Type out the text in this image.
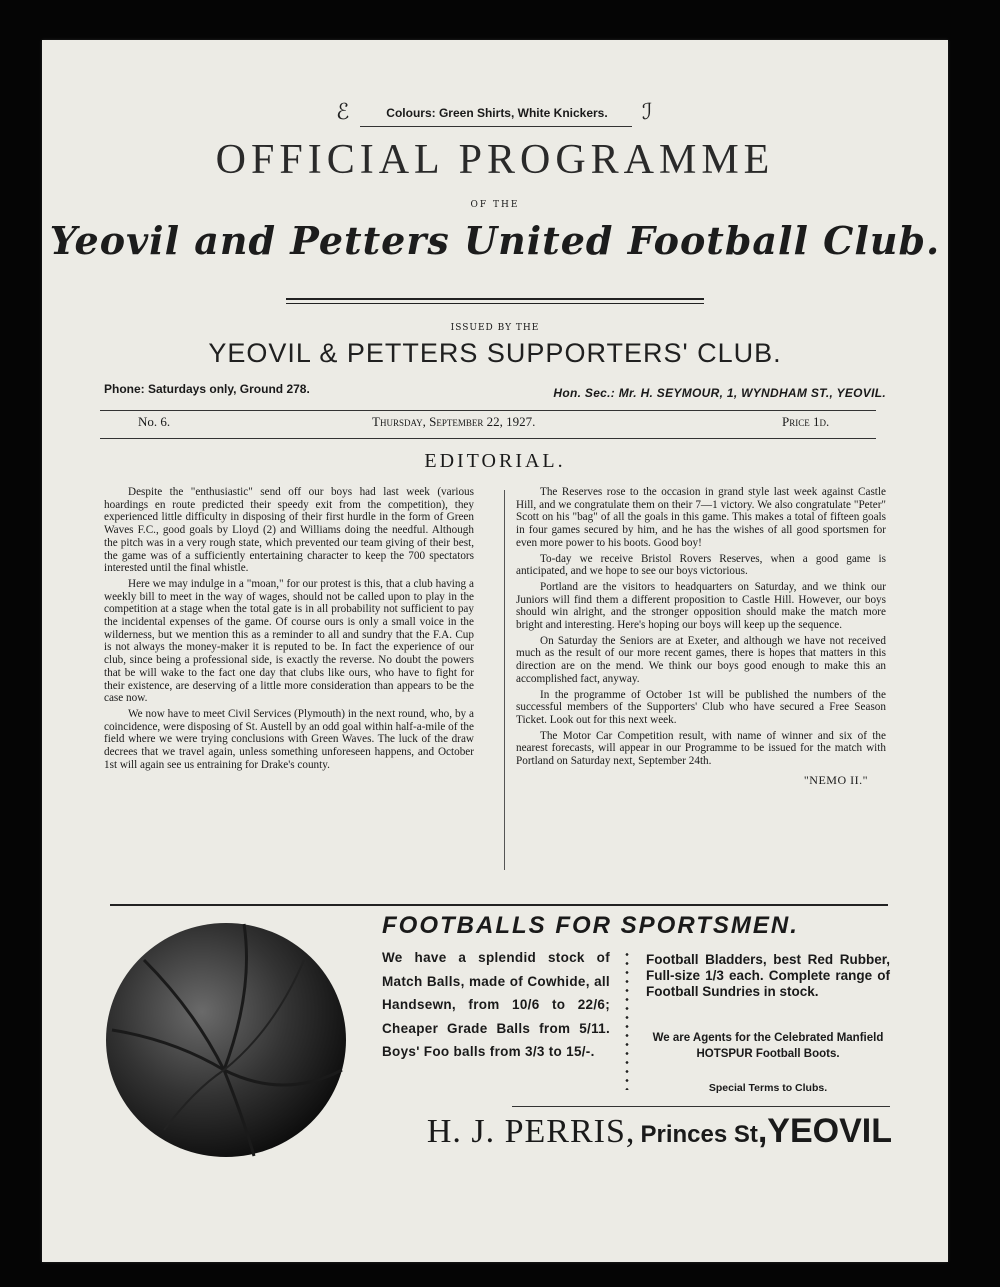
ℰ	Colours: Green Shirts, White Knickers.	ℐ
OFFICIAL PROGRAMME
OF THE
Yeovil and Petters United Football Club.
ISSUED BY THE
YEOVIL & PETTERS SUPPORTERS' CLUB.
Phone: Saturdays only, Ground 278.	Hon. Sec.: Mr. H. SEYMOUR, 1, WYNDHAM ST., YEOVIL.
No. 6.	Thursday, September 22, 1927.	Price 1d.
EDITORIAL.

Despite the "enthusiastic" send off our boys had last week (various hoardings en route predicted their speedy exit from the competition), they experienced little difficulty in disposing of their first hurdle in the form of Green Waves F.C., good goals by Lloyd (2) and Williams doing the needful. Although the pitch was in a very rough state, which prevented our team giving of their best, the game was of a sufficiently entertaining character to keep the 700 spectators interested until the final whistle.

Here we may indulge in a "moan," for our protest is this, that a club having a weekly bill to meet in the way of wages, should not be called upon to play in the competition at a stage when the total gate is in all probability not sufficient to pay the incidental expenses of the game. Of course ours is only a small voice in the wilderness, but we mention this as a reminder to all and sundry that the F.A. Cup is not always the money-maker it is reputed to be. In fact the experience of our club, since being a professional side, is exactly the reverse. No doubt the powers that be will wake to the fact one day that clubs like ours, who have to fight for their existence, are deserving of a little more consideration than appears to be the case now.

We now have to meet Civil Services (Plymouth) in the next round, who, by a coincidence, were disposing of St. Austell by an odd goal within half-a-mile of the field where we were trying conclusions with Green Waves. The luck of the draw decrees that we travel again, unless something unforeseen happens, and October 1st will again see us entraining for Drake's county.

The Reserves rose to the occasion in grand style last week against Castle Hill, and we congratulate them on their 7—1 victory. We also congratulate "Peter" Scott on his "bag" of all the goals in this game. This makes a total of fifteen goals in four games secured by him, and he has the wishes of all good sportsmen for even more power to his boots. Good boy!

To-day we receive Bristol Rovers Reserves, when a good game is anticipated, and we hope to see our boys victorious.

Portland are the visitors to headquarters on Saturday, and we think our Juniors will find them a different proposition to Castle Hill. However, our boys should win alright, and the stronger opposition should make the match more bright and interesting. Here's hoping our boys will keep up the sequence.

On Saturday the Seniors are at Exeter, and although we have not received much as the result of our more recent games, there is hopes that matters in this direction are on the mend. We think our boys good enough to make this an accomplished fact, anyway.

In the programme of October 1st will be published the numbers of the successful members of the Supporters' Club who have secured a Free Season Ticket. Look out for this next week.

The Motor Car Competition result, with name of winner and six of the nearest forecasts, will appear in our Programme to be issued for the match with Portland on Saturday next, September 24th.

"NEMO II."
FOOTBALLS FOR SPORTSMEN.
We have a splendid stock of Match Balls, made of Cowhide, all Handsewn, from 10/6 to 22/6; Cheaper Grade Balls from 5/11. Boys' Foo balls from 3/3 to 15/-.
Football Bladders, best Red Rubber, Full-size 1/3 each. Complete range of Football Sundries in stock.
We are Agents for the Celebrated Manfield HOTSPUR Football Boots.
Special Terms to Clubs.
H. J. PERRIS, Princes St,YEOVIL
